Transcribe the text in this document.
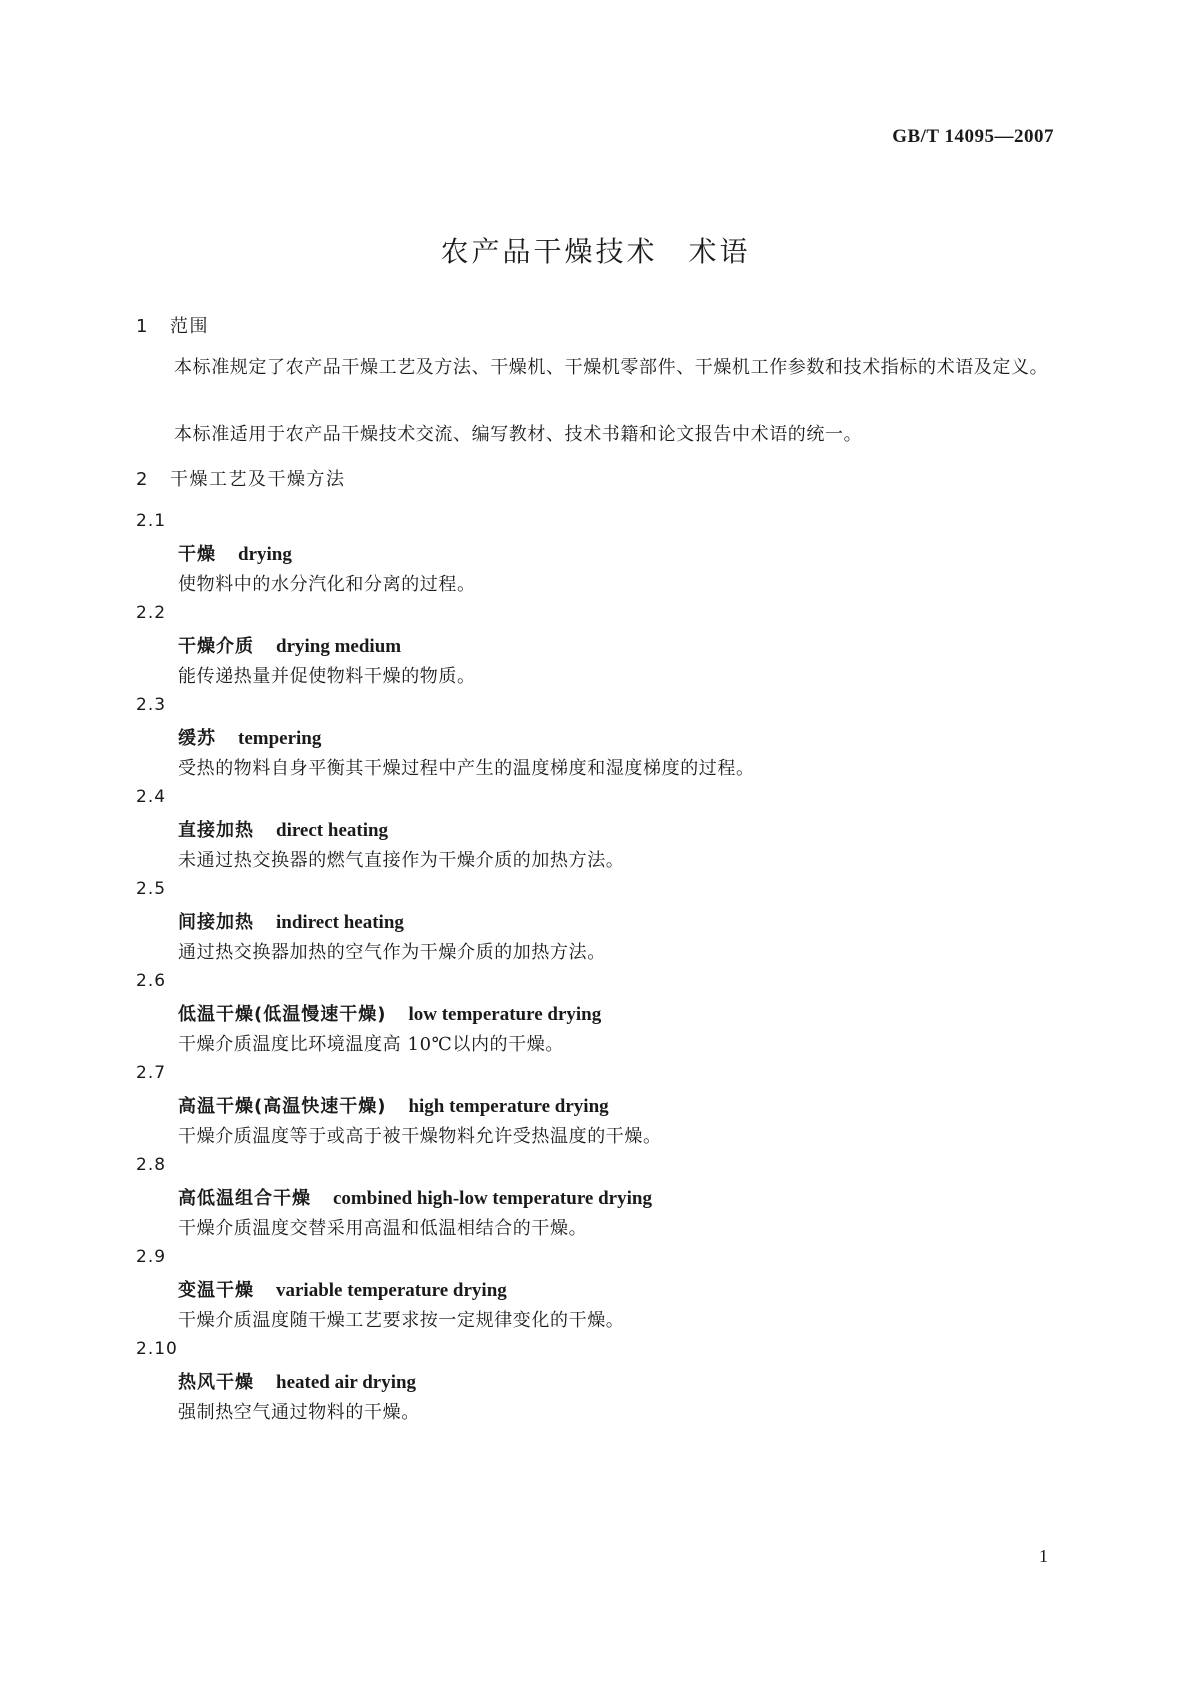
GB/T 14095—2007
农产品干燥技术　术语
1 范围
本标准规定了农产品干燥工艺及方法、干燥机、干燥机零部件、干燥机工作参数和技术指标的术语及定义。
本标准适用于农产品干燥技术交流、编写教材、技术书籍和论文报告中术语的统一。
2 干燥工艺及干燥方法
2.1
干燥 drying
使物料中的水分汽化和分离的过程。
2.2
干燥介质 drying medium
能传递热量并促使物料干燥的物质。
2.3
缓苏 tempering
受热的物料自身平衡其干燥过程中产生的温度梯度和湿度梯度的过程。
2.4
直接加热 direct heating
未通过热交换器的燃气直接作为干燥介质的加热方法。
2.5
间接加热 indirect heating
通过热交换器加热的空气作为干燥介质的加热方法。
2.6
低温干燥(低温慢速干燥) low temperature drying
干燥介质温度比环境温度高 10℃以内的干燥。
2.7
高温干燥(高温快速干燥) high temperature drying
干燥介质温度等于或高于被干燥物料允许受热温度的干燥。
2.8
高低温组合干燥 combined high-low temperature drying
干燥介质温度交替采用高温和低温相结合的干燥。
2.9
变温干燥 variable temperature drying
干燥介质温度随干燥工艺要求按一定规律变化的干燥。
2.10
热风干燥 heated air drying
强制热空气通过物料的干燥。
1
